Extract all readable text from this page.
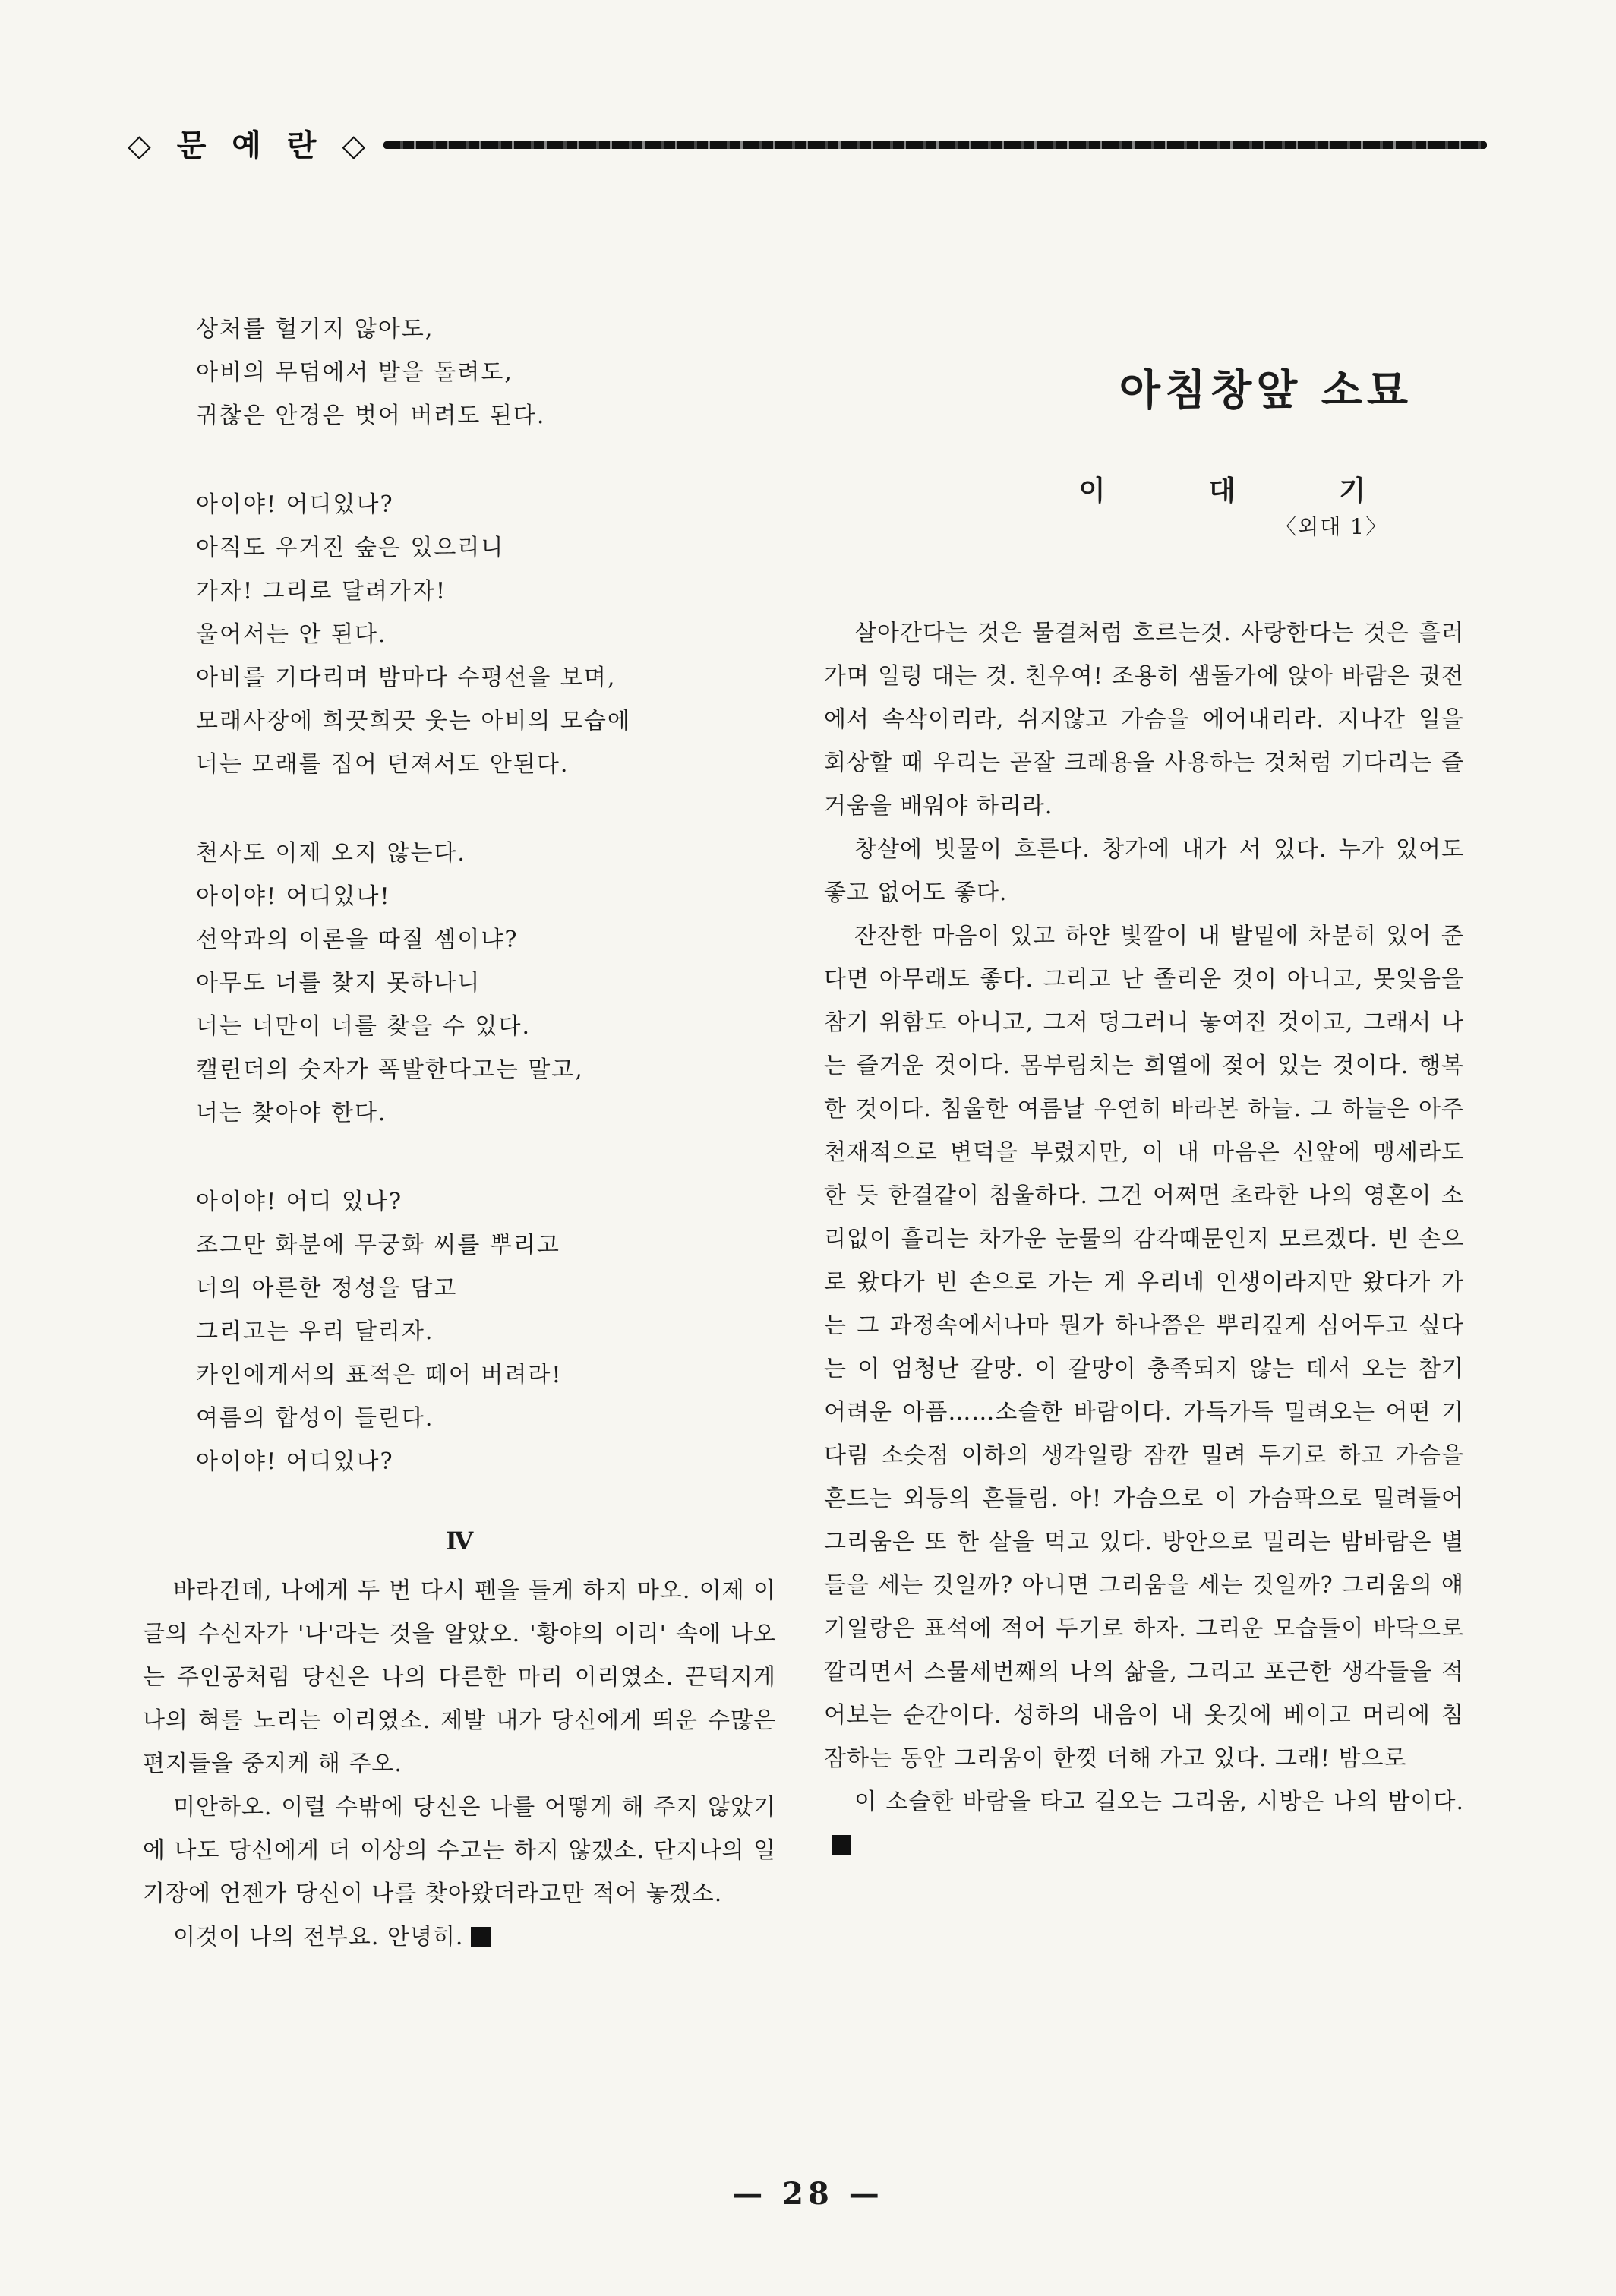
◇ 문 예 란 ◇
상처를 헐기지 않아도,
아비의 무덤에서 발을 돌려도,
귀찮은 안경은 벗어 버려도 된다.
아이야! 어디있나?
아직도 우거진 숲은 있으리니
가자! 그리로 달려가자!
울어서는 안 된다.
아비를 기다리며 밤마다 수평선을 보며,
모래사장에 희끗희끗 웃는 아비의 모습에
너는 모래를 집어 던져서도 안된다.
천사도 이제 오지 않는다.
아이야! 어디있나!
선악과의 이론을 따질 셈이냐?
아무도 너를 찾지 못하나니
너는 너만이 너를 찾을 수 있다.
캘린더의 숫자가 폭발한다고는 말고,
너는 찾아야 한다.
아이야! 어디 있나?
조그만 화분에 무궁화 씨를 뿌리고
너의 아른한 정성을 담고
그리고는 우리 달리자.
카인에게서의 표적은 떼어 버려라!
여름의 합성이 들린다.
아이야! 어디있나?
Ⅳ

바라건데, 나에게 두 번 다시 펜을 들게 하지 마오. 이제 이 글의 수신자가 '나'라는 것을 알았오. '황야의 이리' 속에 나오는 주인공처럼 당신은 나의 다른한 마리 이리였소. 끈덕지게 나의 혀를 노리는 이리였소. 제발 내가 당신에게 띄운 수많은 편지들을 중지케 해 주오.

미안하오. 이럴 수밖에 당신은 나를 어떻게 해 주지 않았기에 나도 당신에게 더 이상의 수고는 하지 않겠소. 단지나의 일기장에 언젠가 당신이 나를 찾아왔더라고만 적어 놓겠소.

이것이 나의 전부요. 안녕히.

아침창앞 소묘
이 대 기
〈외대 1〉

살아간다는 것은 물결처럼 흐르는것. 사랑한다는 것은 흘러가며 일렁 대는 것. 친우여! 조용히 샘돌가에 앉아 바람은 귓전에서 속삭이리라, 쉬지않고 가슴을 에어내리라. 지나간 일을 회상할 때 우리는 곧잘 크레용을 사용하는 것처럼 기다리는 즐거움을 배워야 하리라.

창살에 빗물이 흐른다. 창가에 내가 서 있다. 누가 있어도 좋고 없어도 좋다.

잔잔한 마음이 있고 하얀 빛깔이 내 발밑에 차분히 있어 준다면 아무래도 좋다. 그리고 난 졸리운 것이 아니고, 못잊음을 참기 위함도 아니고, 그저 덩그러니 놓여진 것이고, 그래서 나는 즐거운 것이다. 몸부림치는 희열에 젖어 있는 것이다. 행복한 것이다. 침울한 여름날 우연히 바라본 하늘. 그 하늘은 아주 천재적으로 변덕을 부렸지만, 이 내 마음은 신앞에 맹세라도 한 듯 한결같이 침울하다. 그건 어쩌면 초라한 나의 영혼이 소리없이 흘리는 차가운 눈물의 감각때문인지 모르겠다. 빈 손으로 왔다가 빈 손으로 가는 게 우리네 인생이라지만 왔다가 가는 그 과정속에서나마 뭔가 하나쯤은 뿌리깊게 심어두고 싶다는 이 엄청난 갈망. 이 갈망이 충족되지 않는 데서 오는 참기 어려운 아픔……소슬한 바람이다. 가득가득 밀려오는 어떤 기다림 소슷점 이하의 생각일랑 잠깐 밀려 두기로 하고 가슴을 흔드는 외등의 흔들림. 아! 가슴으로 이 가슴팍으로 밀려들어 그리움은 또 한 살을 먹고 있다. 방안으로 밀리는 밤바람은 별들을 세는 것일까? 아니면 그리움을 세는 것일까? 그리움의 얘기일랑은 표석에 적어 두기로 하자. 그리운 모습들이 바닥으로 깔리면서 스물세번째의 나의 삶을, 그리고 포근한 생각들을 적어보는 순간이다. 성하의 내음이 내 옷깃에 베이고 머리에 침잠하는 동안 그리움이 한껏 더해 가고 있다. 그래! 밤으로

이 소슬한 바람을 타고 길오는 그리움, 시방은 나의 밤이다.

— 28 —
